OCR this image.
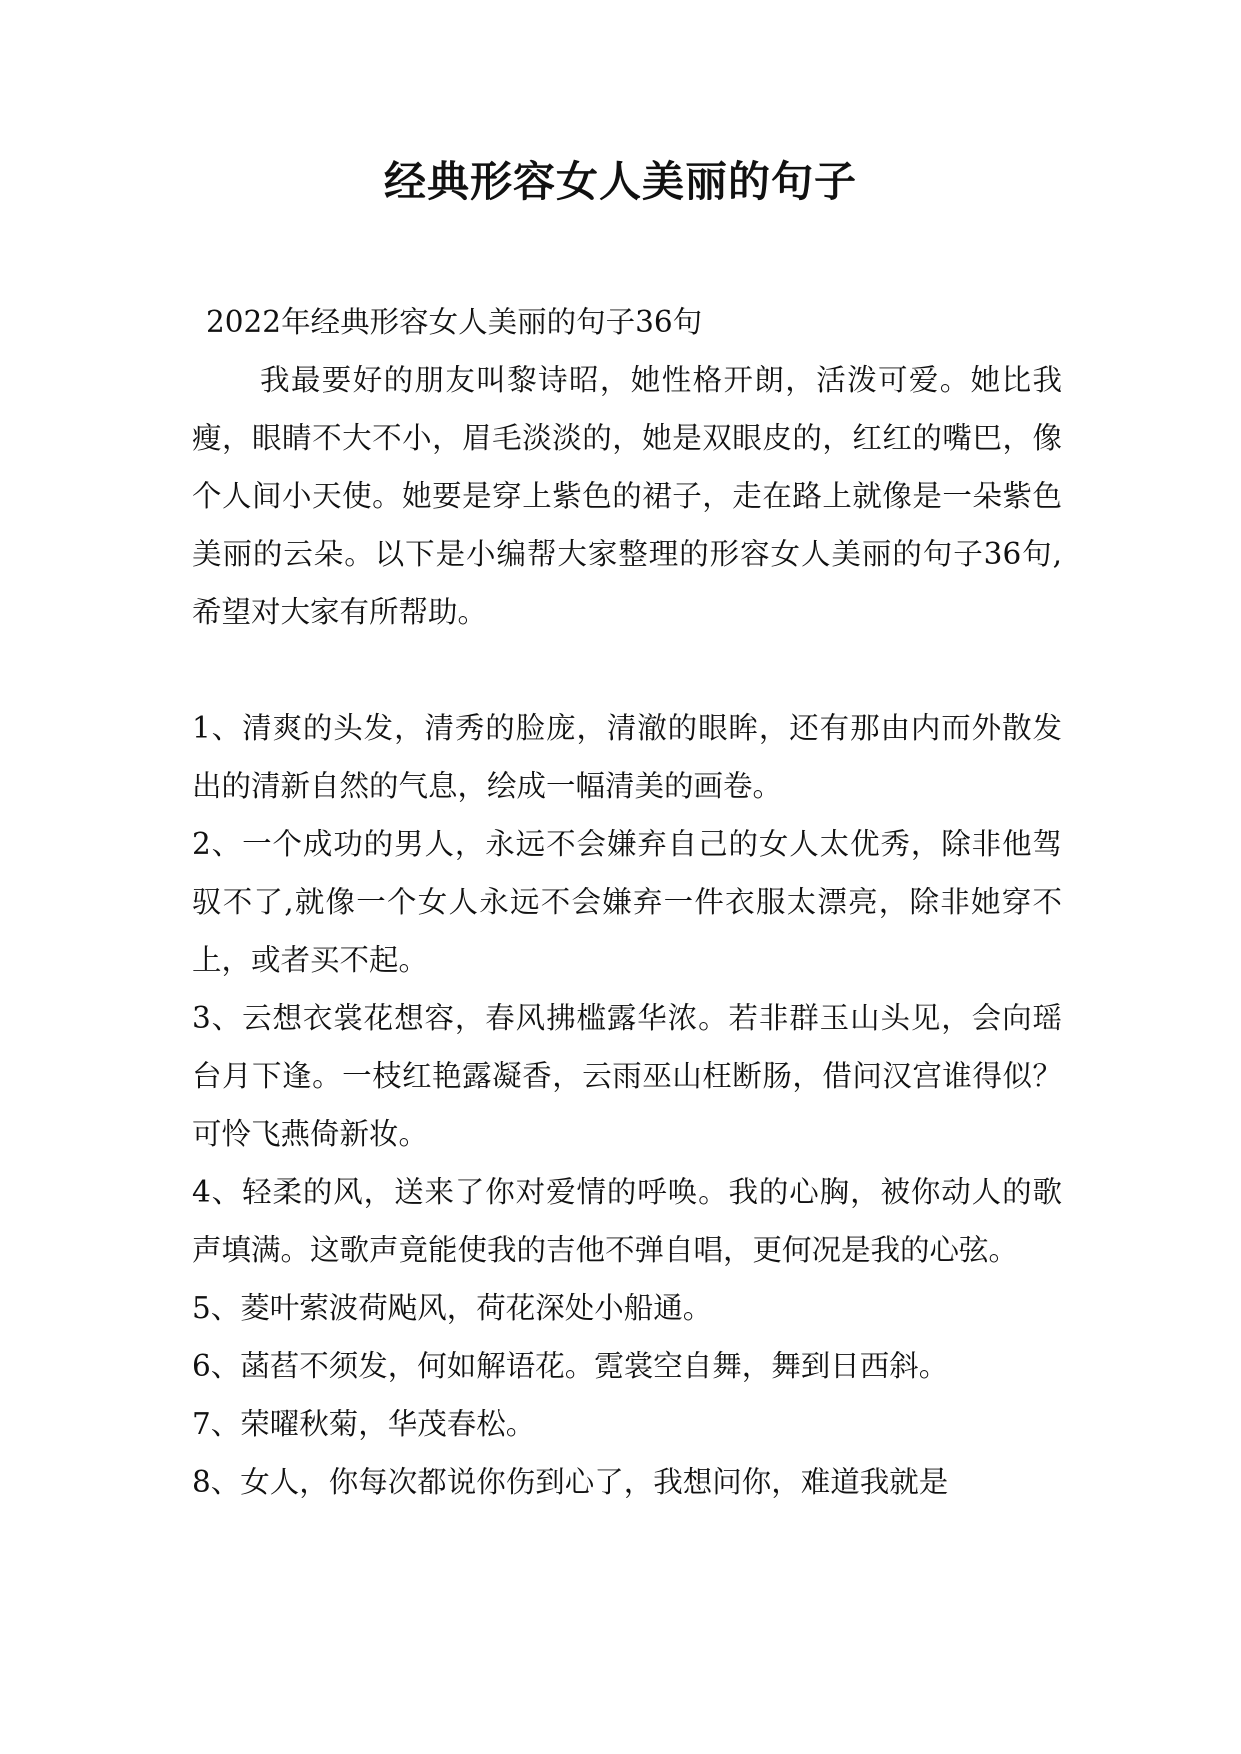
经典形容女人美丽的句子

2022年经典形容女人美丽的句子36句

我最要好的朋友叫黎诗昭，她性格开朗，活泼可爱。她比我瘦，眼睛不大不小，眉毛淡淡的，她是双眼皮的，红红的嘴巴，像个人间小天使。她要是穿上紫色的裙子，走在路上就像是一朵紫色美丽的云朵。以下是小编帮大家整理的形容女人美丽的句子36句,希望对大家有所帮助。

1、清爽的头发，清秀的脸庞，清澈的眼眸，还有那由内而外散发出的清新自然的气息，绘成一幅清美的画卷。

2、一个成功的男人，永远不会嫌弃自己的女人太优秀，除非他驾驭不了,就像一个女人永远不会嫌弃一件衣服太漂亮，除非她穿不上，或者买不起。

3、云想衣裳花想容，春风拂槛露华浓。若非群玉山头见，会向瑶台月下逢。一枝红艳露凝香，云雨巫山枉断肠，借问汉宫谁得似？可怜飞燕倚新妆。

4、轻柔的风，送来了你对爱情的呼唤。我的心胸，被你动人的歌声填满。这歌声竟能使我的吉他不弹自唱，更何况是我的心弦。

5、菱叶萦波荷飐风，荷花深处小船通。

6、菡萏不须发，何如解语花。霓裳空自舞，舞到日西斜。

7、荣曜秋菊，华茂春松。

8、女人，你每次都说你伤到心了，我想问你，难道我就是
